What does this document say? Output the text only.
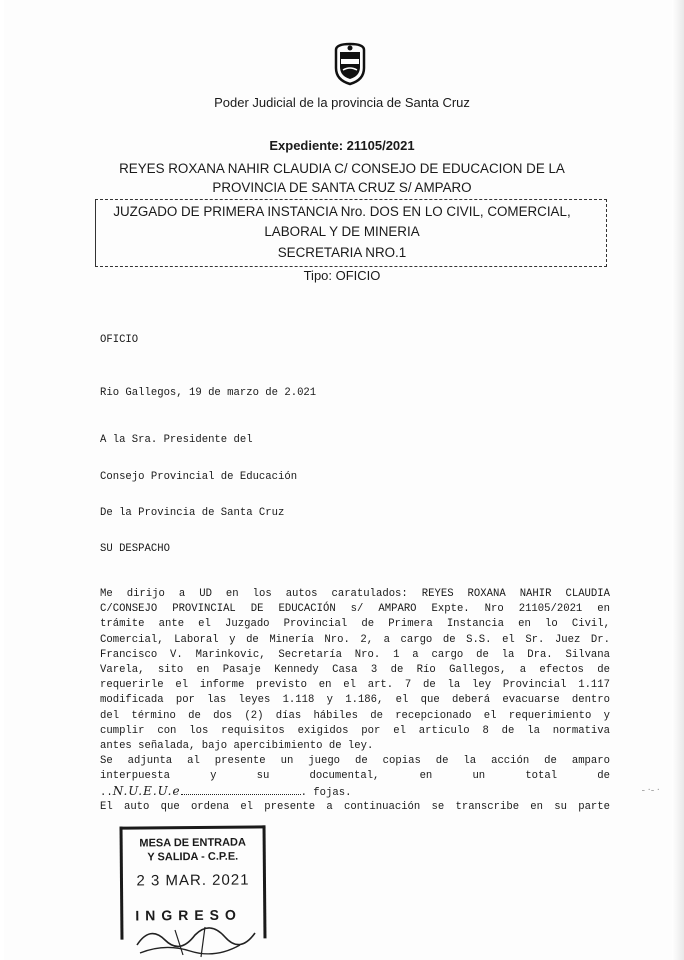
Poder Judicial de la provincia de Santa Cruz
Expediente: 21105/2021
REYES ROXANA NAHIR CLAUDIA C/ CONSEJO DE EDUCACION DE LA
PROVINCIA DE SANTA CRUZ S/ AMPARO
JUZGADO DE PRIMERA INSTANCIA Nro. DOS EN LO CIVIL, COMERCIAL,
LABORAL Y DE MINERIA
SECRETARIA NRO.1
Tipo: OFICIO
OFICIO
Rio Gallegos, 19 de marzo de 2.021
A la Sra. Presidente del
Consejo Provincial de Educación
De la Provincia de Santa Cruz
SU DESPACHO
Me dirijo a UD en los autos caratulados: REYES ROXANA NAHIR CLAUDIA
C/CONSEJO PROVINCIAL DE EDUCACIÓN s/ AMPARO Expte. Nro 21105/2021 en
trámite ante el Juzgado Provincial de Primera Instancia en lo Civil,
Comercial, Laboral y de Minería Nro. 2, a cargo de S.S. el Sr. Juez Dr.
Francisco V. Marinkovic, Secretaría Nro. 1 a cargo de la Dra. Silvana
Varela, sito en Pasaje Kennedy Casa 3 de Río Gallegos, a efectos de
requerirle el informe previsto en el art. 7 de la ley Provincial 1.117
modificada por las leyes 1.118 y 1.186, el que deberá evacuarse dentro
del término de dos (2) días hábiles de recepcionado el requerimiento y
cumplir con los requisitos exigidos por el articulo 8 de la normativa
antes señalada, bajo apercibimiento de ley.
Se adjunta al presente un juego de copias de la acción de amparo
interpuesta y su documental, en un total de
..N.U.E.U.e	. fojas.
El auto que ordena el presente a continuación se transcribe en su parte
- ·- ·
MESA DE ENTRADA
Y SALIDA - C.P.E.
2 3 MAR. 2021
INGRESO
